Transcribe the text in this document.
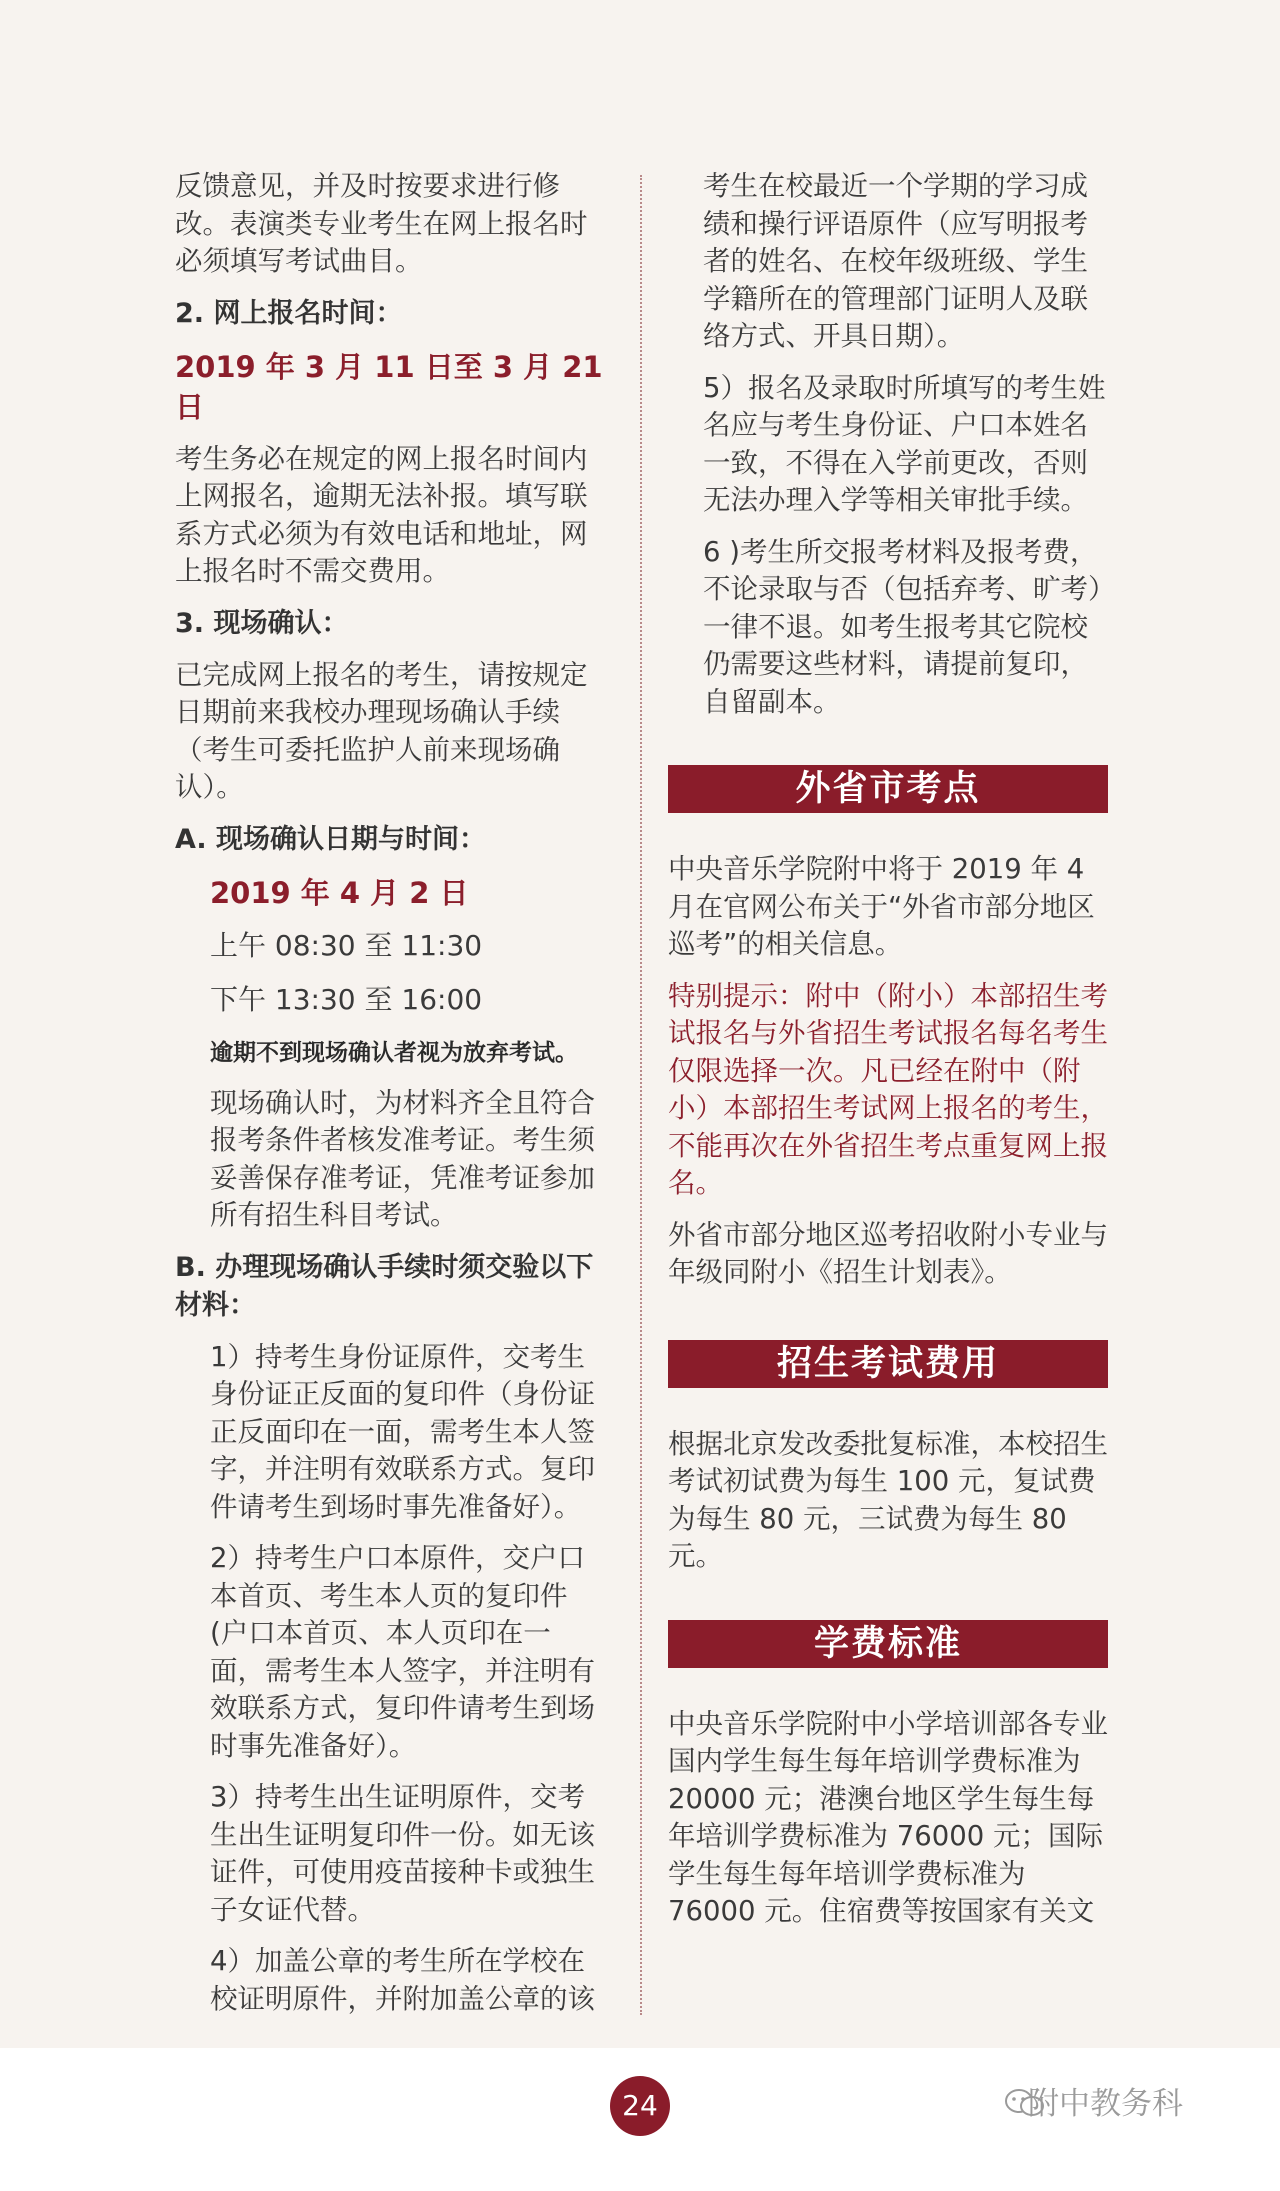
反馈意见，并及时按要求进行修改。表演类专业考生在网上报名时必须填写考试曲目。

2. 网上报名时间：
2019 年 3 月 11 日至 3 月 21 日

考生务必在规定的网上报名时间内上网报名，逾期无法补报。填写联系方式必须为有效电话和地址，网上报名时不需交费用。

3. 现场确认：

已完成网上报名的考生，请按规定日期前来我校办理现场确认手续（考生可委托监护人前来现场确认）。

A. 现场确认日期与时间：
2019 年 4 月 2 日
上午 08:30 至 11:30
下午 13:30 至 16:00
逾期不到现场确认者视为放弃考试。

现场确认时，为材料齐全且符合报考条件者核发准考证。考生须妥善保存准考证，凭准考证参加所有招生科目考试。

B. 办理现场确认手续时须交验以下材料：

1）持考生身份证原件，交考生身份证正反面的复印件（身份证正反面印在一面，需考生本人签字，并注明有效联系方式。复印件请考生到场时事先准备好）。

2）持考生户口本原件，交户口本首页、考生本人页的复印件(户口本首页、本人页印在一面，需考生本人签字，并注明有效联系方式，复印件请考生到场时事先准备好）。

3）持考生出生证明原件，交考生出生证明复印件一份。如无该证件，可使用疫苗接种卡或独生子女证代替。

4）加盖公章的考生所在学校在校证明原件，并附加盖公章的该

考生在校最近一个学期的学习成绩和操行评语原件（应写明报考者的姓名、在校年级班级、学生学籍所在的管理部门证明人及联络方式、开具日期）。

5）报名及录取时所填写的考生姓名应与考生身份证、户口本姓名一致，不得在入学前更改，否则无法办理入学等相关审批手续。

6 )考生所交报考材料及报考费，不论录取与否（包括弃考、旷考）一律不退。如考生报考其它院校仍需要这些材料，请提前复印，自留副本。

外省市考点

中央音乐学院附中将于 2019 年 4 月在官网公布关于“外省市部分地区巡考”的相关信息。

特别提示：附中（附小）本部招生考试报名与外省招生考试报名每名考生仅限选择一次。凡已经在附中（附小）本部招生考试网上报名的考生，不能再次在外省招生考点重复网上报名。

外省市部分地区巡考招收附小专业与年级同附小《招生计划表》。

招生考试费用

根据北京发改委批复标准，本校招生考试初试费为每生 100 元，复试费为每生 80 元，三试费为每生 80 元。

学费标准

中央音乐学院附中小学培训部各专业国内学生每生每年培训学费标准为 20000 元；港澳台地区学生每生每年培训学费标准为 76000 元；国际学生每生每年培训学费标准为 76000 元。住宿费等按国家有关文

24	附中教务科
